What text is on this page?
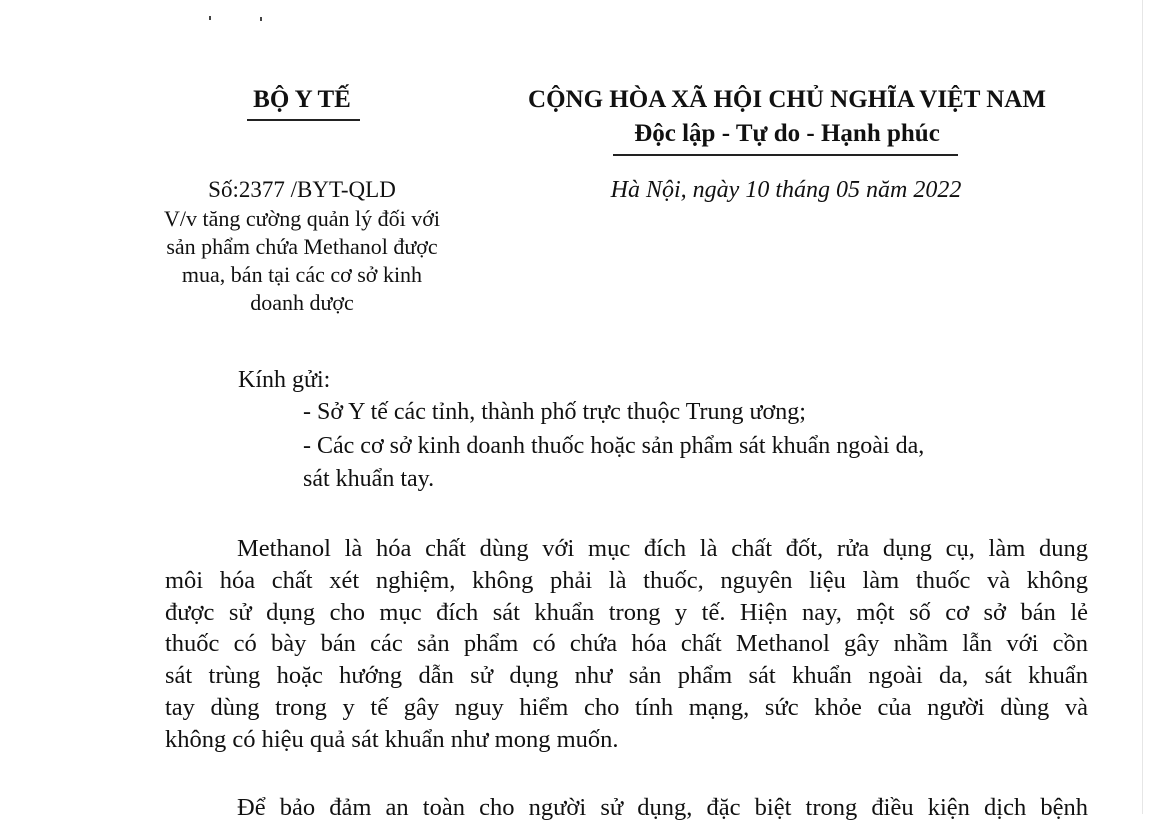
BỘ Y TẾ	CỘNG HÒA XÃ HỘI CHỦ NGHĨA VIỆT NAM
Độc lập - Tự do - Hạnh phúc
Số:2377 /BYT-QLD
V/v tăng cường quản lý đối với
sản phẩm chứa Methanol được
mua, bán tại các cơ sở kinh
doanh dược
Hà Nội, ngày 10 tháng 05 năm 2022
Kính gửi:
- Sở Y tế các tỉnh, thành phố trực thuộc Trung ương;
- Các cơ sở kinh doanh thuốc hoặc sản phẩm sát khuẩn ngoài da,
sát khuẩn tay.
Methanol là hóa chất dùng với mục đích là chất đốt, rửa dụng cụ, làm dung
môi hóa chất xét nghiệm, không phải là thuốc, nguyên liệu làm thuốc và không
được sử dụng cho mục đích sát khuẩn trong y tế. Hiện nay, một số cơ sở bán lẻ
thuốc có bày bán các sản phẩm có chứa hóa chất Methanol gây nhầm lẫn với cồn
sát trùng hoặc hướng dẫn sử dụng như sản phẩm sát khuẩn ngoài da, sát khuẩn
tay dùng trong y tế gây nguy hiểm cho tính mạng, sức khỏe của người dùng và
không có hiệu quả sát khuẩn như mong muốn.
Để bảo đảm an toàn cho người sử dụng, đặc biệt trong điều kiện dịch bệnh
